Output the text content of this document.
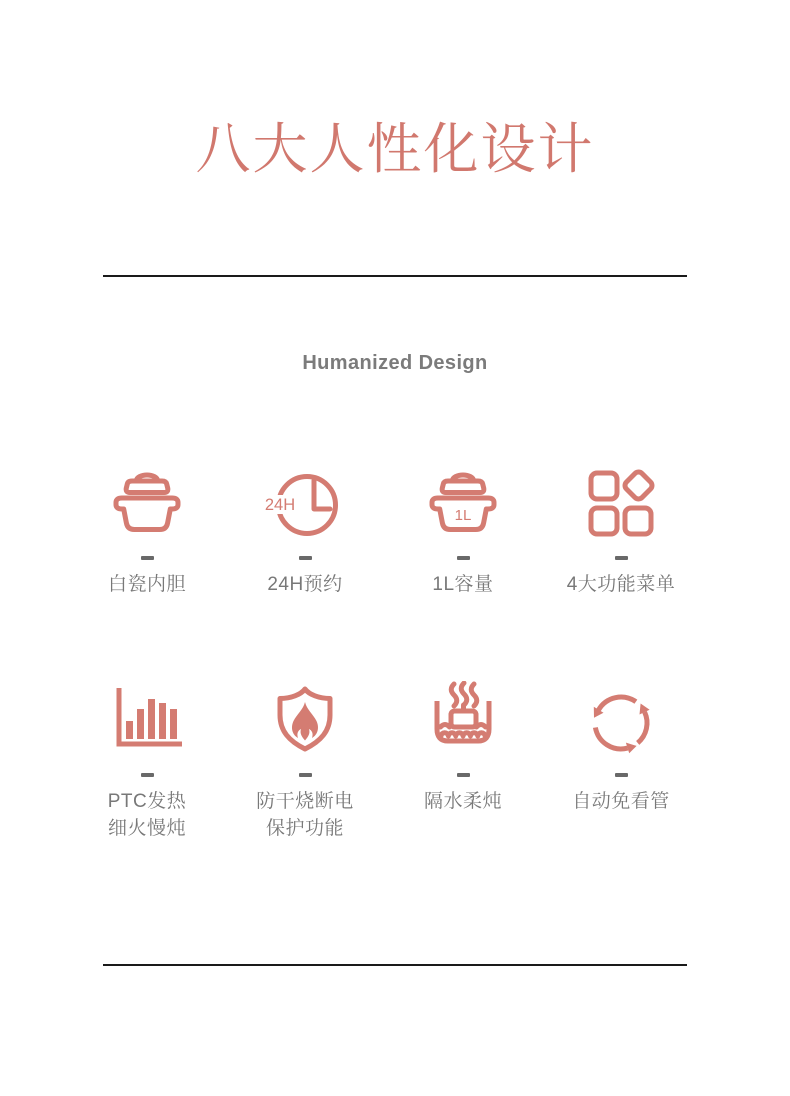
八大人性化设计
Humanized Design
白瓷内胆
24H
24H预约
1L
1L容量	4大功能菜单
PTC发热
细火慢炖
防干烧断电
保护功能
隔水柔炖	自动免看管
